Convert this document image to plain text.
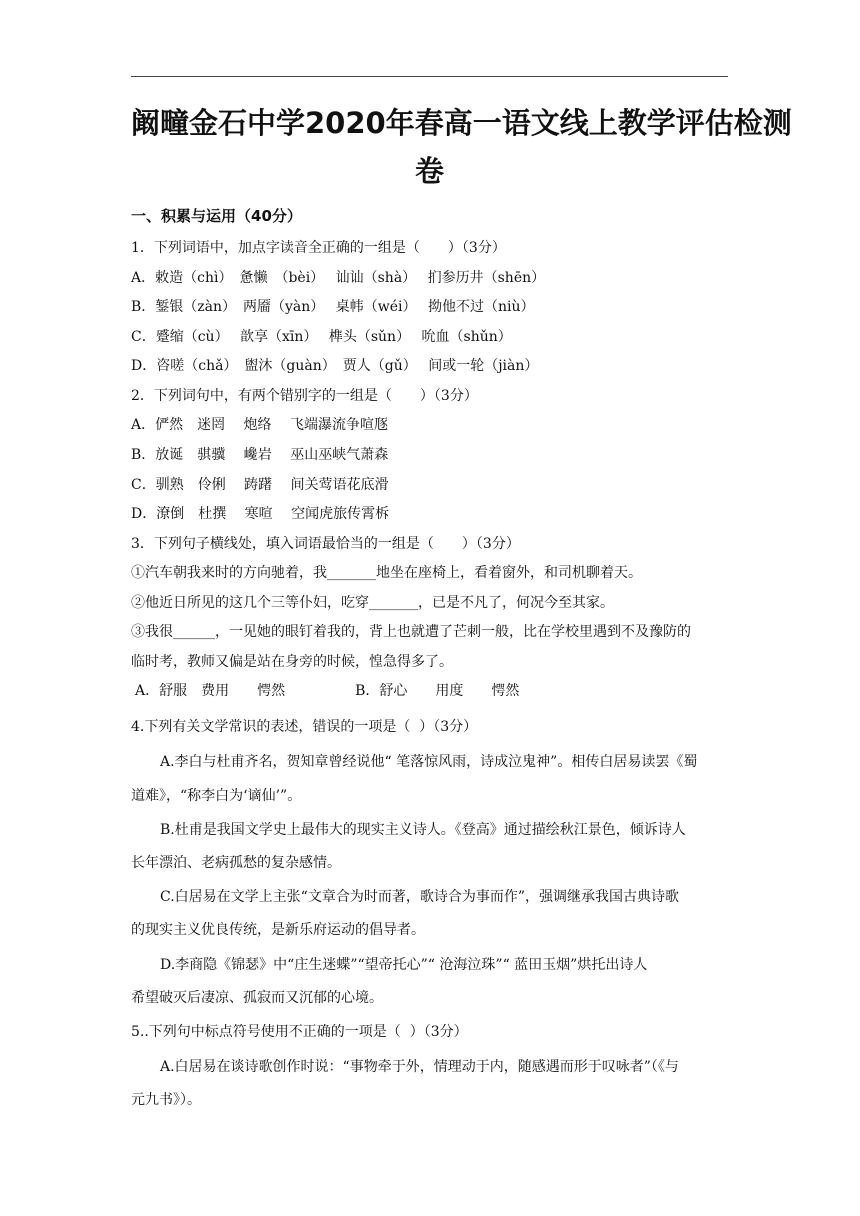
阚疃金石中学2020年春高一语文线上教学评估检测
卷
一、积累与运用（40分）
1．下列词语中，加点字读音全正确的一组是（　　）（3分）
A．敕造（chì）　惫懒　（bèi）　 讪讪（shà）　 扪参历井（shēn）
B．錾银（zàn）　两靥（yàn）　 桌帏（wéi）　 拗他不过（niù）
C．蹙缩（cù）　 歆享（xīn）　 榫头（sǔn）　 吮血（shǔn）
D．咨嗟（chǎ）　盥沐（guàn）　贾人（gǔ）　 间或一轮（jiàn）
2．下列词句中，有两个错别字的一组是（　　）（3分）
A．俨然　迷罔　 炮络　 飞端瀑流争喧豗
B．放诞　骐骥　 巉岩　 巫山巫峡气萧森
C．驯熟　伶俐　 踌躇　 间关莺语花底滑
D．潦倒　杜撰　 寒喧　 空闻虎旅传霄柝
3．下列句子横线处，填入词语最恰当的一组是（　　）（3分）
①汽车朝我来时的方向驰着，我_______地坐在座椅上，看着窗外，和司机聊着天。
②他近日所见的这几个三等仆妇，吃穿_______，已是不凡了，何况今至其家。
③我很______，一见她的眼钉着我的，背上也就遭了芒刺一般，比在学校里遇到不及豫防的
临时考，教师又偏是站在身旁的时候，惶急得多了。
A．舒服　费用　　愕然　　　　　B．舒心　　用度　　愕然
4.下列有关文学常识的表述，错误的一项是（  ）（3分）
A.李白与杜甫齐名，贺知章曾经说他“ 笔落惊风雨，诗成泣鬼神”。相传白居易读罢《蜀
道难》，“称李白为‘谪仙’”。
B.杜甫是我国文学史上最伟大的现实主义诗人。《登高》通过描绘秋江景色，倾诉诗人
长年漂泊、老病孤愁的复杂感情。
C.白居易在文学上主张“文章合为时而著，歌诗合为事而作”，强调继承我国古典诗歌
的现实主义优良传统，是新乐府运动的倡导者。
D.李商隐《锦瑟》中“庄生迷蝶”“望帝托心”“ 沧海泣珠”“ 蓝田玉烟”烘托出诗人
希望破灭后凄凉、孤寂而又沉郁的心境。
5..下列句中标点符号使用不正确的一项是（  ）（3分）
A.白居易在谈诗歌创作时说：“事物牵于外，情理动于内，随感遇而形于叹咏者”（《与
元九书》）。
